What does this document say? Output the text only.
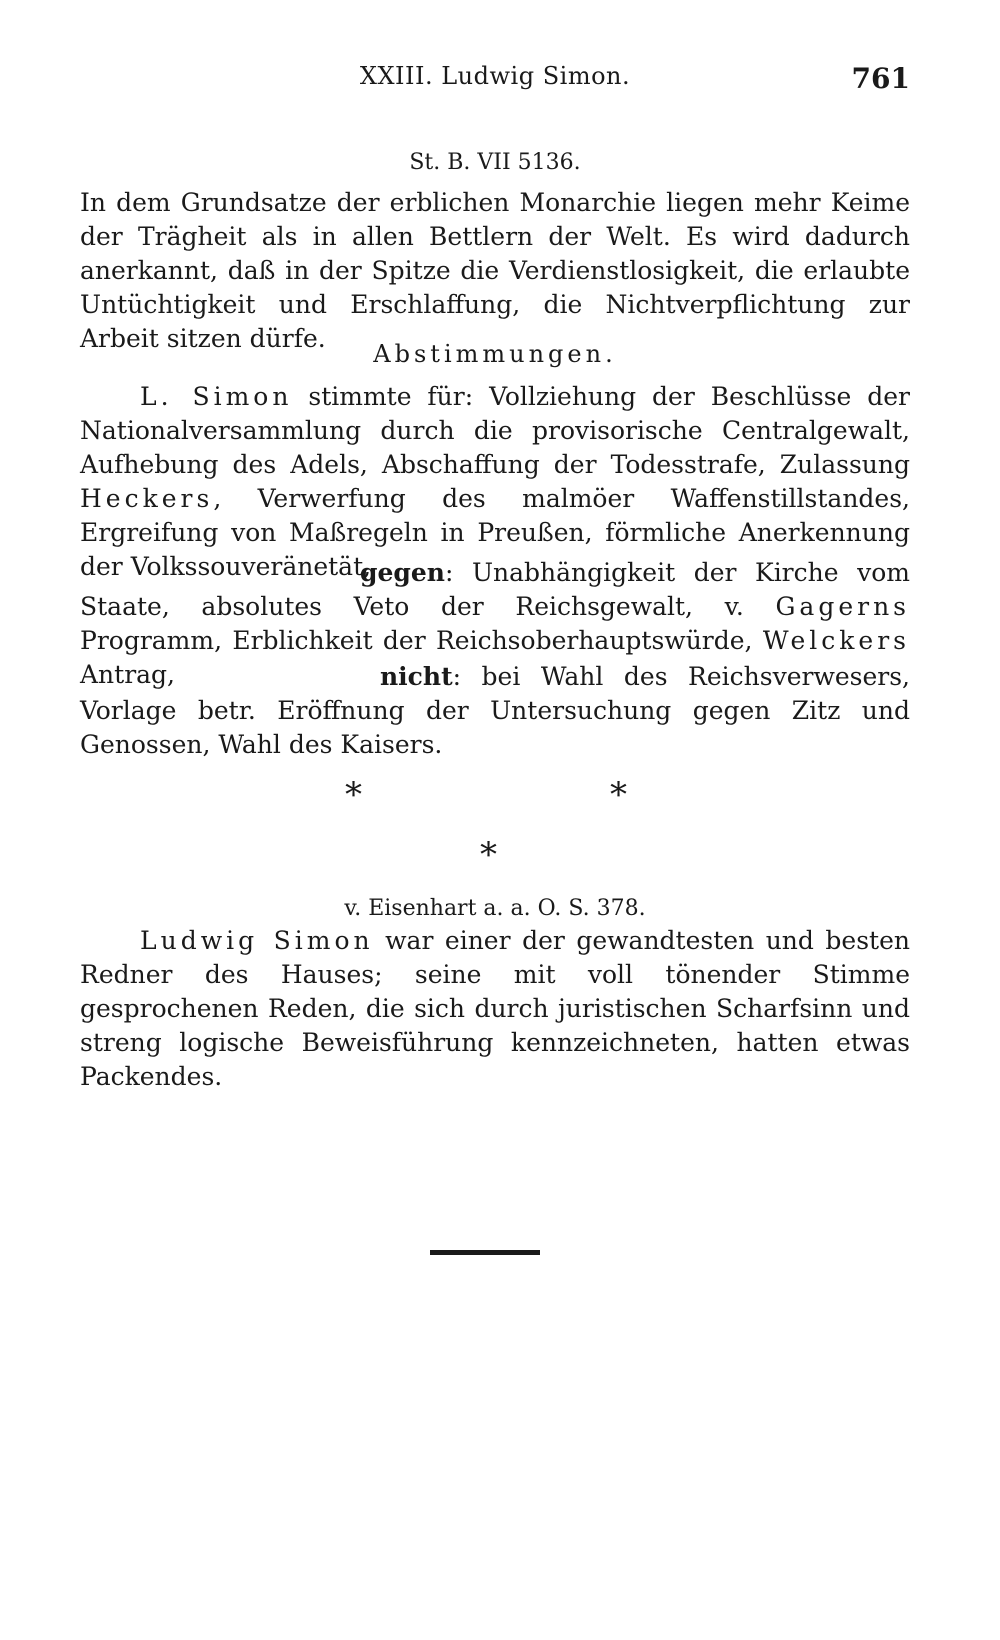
XXIII. Ludwig Simon.	761
St. B. VII 5136.

In dem Grundsatze der erblichen Monarchie liegen mehr Keime der Trägheit als in allen Bettlern der Welt. Es wird dadurch anerkannt, daß in der Spitze die Verdienstlosigkeit, die erlaubte Untüchtigkeit und Erschlaffung, die Nichtverpflichtung zur Arbeit sitzen dürfe.

Abstimmungen.

L. Simon stimmte für: Vollziehung der Beschlüsse der Nationalversammlung durch die provisorische Centralgewalt, Aufhebung des Adels, Abschaffung der Todesstrafe, Zulassung Heckers, Verwerfung des malmöer Waffenstillstandes, Ergreifung von Maßregeln in Preußen, förmliche Anerkennung der Volkssouveränetät,

gegen: Unabhängigkeit der Kirche vom Staate, absolutes Veto der Reichsgewalt, v. Gagerns Programm, Erblichkeit der Reichsoberhauptswürde, Welckers Antrag,	nicht: bei Wahl des Reichsverwesers, Vorlage betr. Eröffnung der Untersuchung gegen Zitz und Genossen, Wahl des Kaisers.

*	*
*
v. Eisenhart a. a. O. S. 378.

Ludwig Simon war einer der gewandtesten und besten Redner des Hauses; seine mit voll tönender Stimme gesprochenen Reden, die sich durch juristischen Scharfsinn und streng logische Beweisführung kennzeichneten, hatten etwas Packendes.
